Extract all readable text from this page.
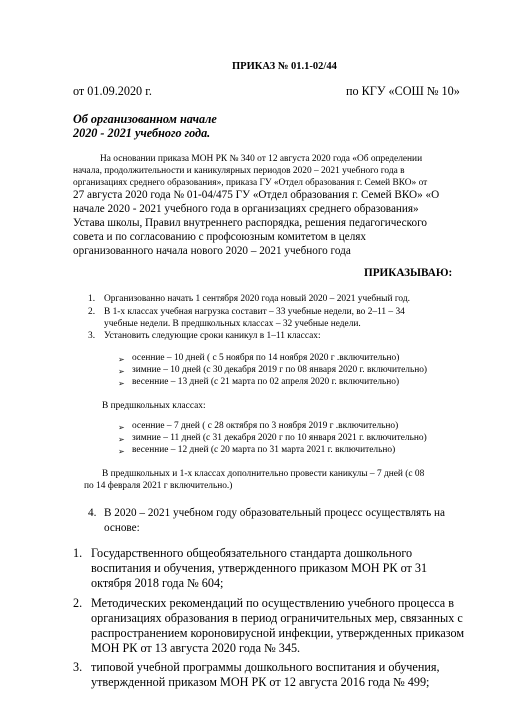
ПРИКАЗ № 01.1-02/44
от 01.09.2020 г.	по КГУ «СОШ № 10»
Об организованном начале
2020 - 2021 учебного года.
На основании приказа МОН РК № 340 от 12 августа 2020 года «Об определении
начала, продолжительности и каникулярных периодов 2020 – 2021 учебного года в
организациях среднего образования», приказа ГУ «Отдел образования г. Семей ВКО» от
27 августа 2020 года № 01-04/475 ГУ «Отдел образования г. Семей ВКО» «О
начале 2020 - 2021 учебного года в организациях среднего образования»
Устава школы, Правил внутреннего распорядка, решения педагогического
совета и по согласованию с профсоюзным комитетом в целях
организованного начала нового 2020 – 2021 учебного года
ПРИКАЗЫВАЮ:
1. Организованно начать 1 сентября 2020 года новый 2020 – 2021 учебный год.
2. В 1-х классах учебная нагрузка составит – 33 учебные недели, во 2–11 – 34
учебные недели. В предшкольных классах – 32 учебные недели.
3. Установить следующие сроки каникул в 1–11 классах:
➢ осенние – 10 дней ( с 5 ноября по 14 ноября 2020 г .включительно)
➢ зимние – 10 дней (с 30 декабря 2019 г по 08 января 2020 г. включительно)
➢ весенние – 13 дней (с 21 марта по 02 апреля 2020 г. включительно)
В предшкольных классах:
➢ осенние – 7 дней ( с 28 октября по 3 ноября 2019 г .включительно)
➢ зимние – 11 дней (с 31 декабря 2020 г по 10 января 2021 г. включительно)
➢ весенние – 12 дней (с 20 марта по 31 марта 2021 г. включительно)
В предшкольных и 1-х классах дополнительно провести каникулы – 7 дней (с 08
по 14 февраля 2021 г включительно.)
4. В 2020 – 2021 учебном году образовательный процесс осуществлять на
основе:
1. Государственного общеобязательного стандарта дошкольного
воспитания и обучения, утвержденного приказом МОН РК от 31
октября 2018 года № 604;
2. Методических рекомендаций по осуществлению учебного процесса в
организациях образования в период ограничительных мер, связанных с
распространением короновирусной инфекции, утвержденных приказом
МОН РК от 13 августа 2020 года № 345.
3. типовой учебной программы дошкольного воспитания и обучения,
утвержденной приказом МОН РК от 12 августа 2016 года № 499;
